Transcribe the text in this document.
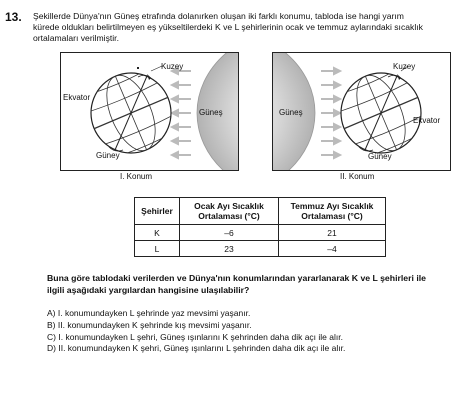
13. Şekillerde Dünya'nın Güneş etrafında dolanırken oluşan iki farklı konumu, tabloda ise hangi yarım
kürede oldukları belirtilmeyen eş yükseltilerdeki K ve L şehirlerinin ocak ve temmuz aylarındaki sıcaklık
ortalamaları verilmiştir.
Kuzey
Güney
Ekvator
Güneş
I. Konum
Kuzey
Güney
Ekvator
Güneş
II. Konum
Şehirler	Ocak Ayı Sıcaklık Ortalaması (°C)	Temmuz Ayı Sıcaklık Ortalaması (°C)
K	–6	21
L	23	–4
Buna göre tablodaki verilerden ve Dünya'nın konumlarından yararlanarak K ve L şehirleri ile
ilgili aşağıdaki yargılardan hangisine ulaşılabilir?
A) I. konumundayken L şehrinde yaz mevsimi yaşanır.
B) II. konumundayken K şehrinde kış mevsimi yaşanır.
C) I. konumundayken L şehri, Güneş ışınlarını K şehrinden daha dik açı ile alır.
D) II. konumundayken K şehri, Güneş ışınlarını L şehrinden daha dik açı ile alır.
